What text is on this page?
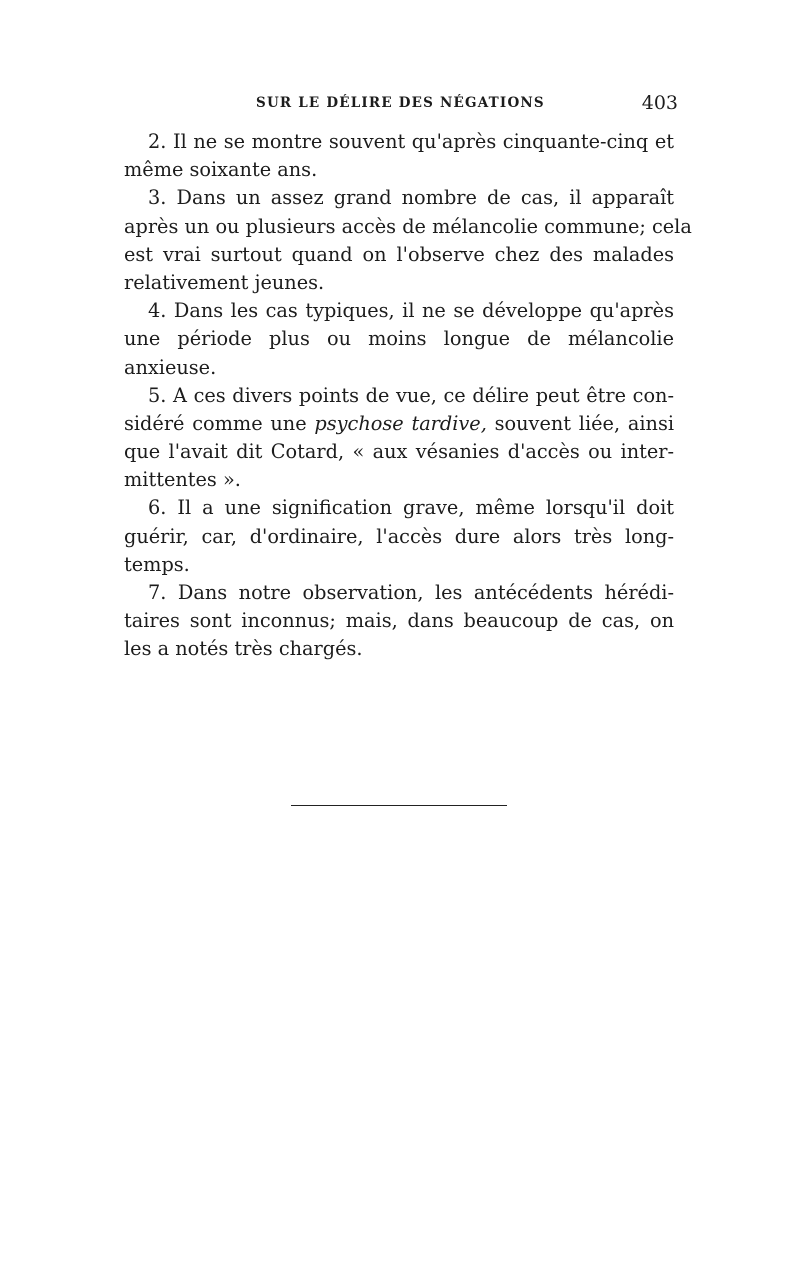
SUR LE DÉLIRE DES NÉGATIONS	403
2. Il ne se montre souvent qu'après cinquante-cinq et
même soixante ans.
3. Dans un assez grand nombre de cas, il apparaît
après un ou plusieurs accès de mélancolie commune; cela
est vrai surtout quand on l'observe chez des malades
relativement jeunes.
4. Dans les cas typiques, il ne se développe qu'après
une période plus ou moins longue de mélancolie
anxieuse.
5. A ces divers points de vue, ce délire peut être con-
sidéré comme une psychose tardive, souvent liée, ainsi
que l'avait dit Cotard, « aux vésanies d'accès ou inter-
mittentes ».
6. Il a une signification grave, même lorsqu'il doit
guérir, car, d'ordinaire, l'accès dure alors très long-
temps.
7. Dans notre observation, les antécédents hérédi-
taires sont inconnus; mais, dans beaucoup de cas, on
les a notés très chargés.
